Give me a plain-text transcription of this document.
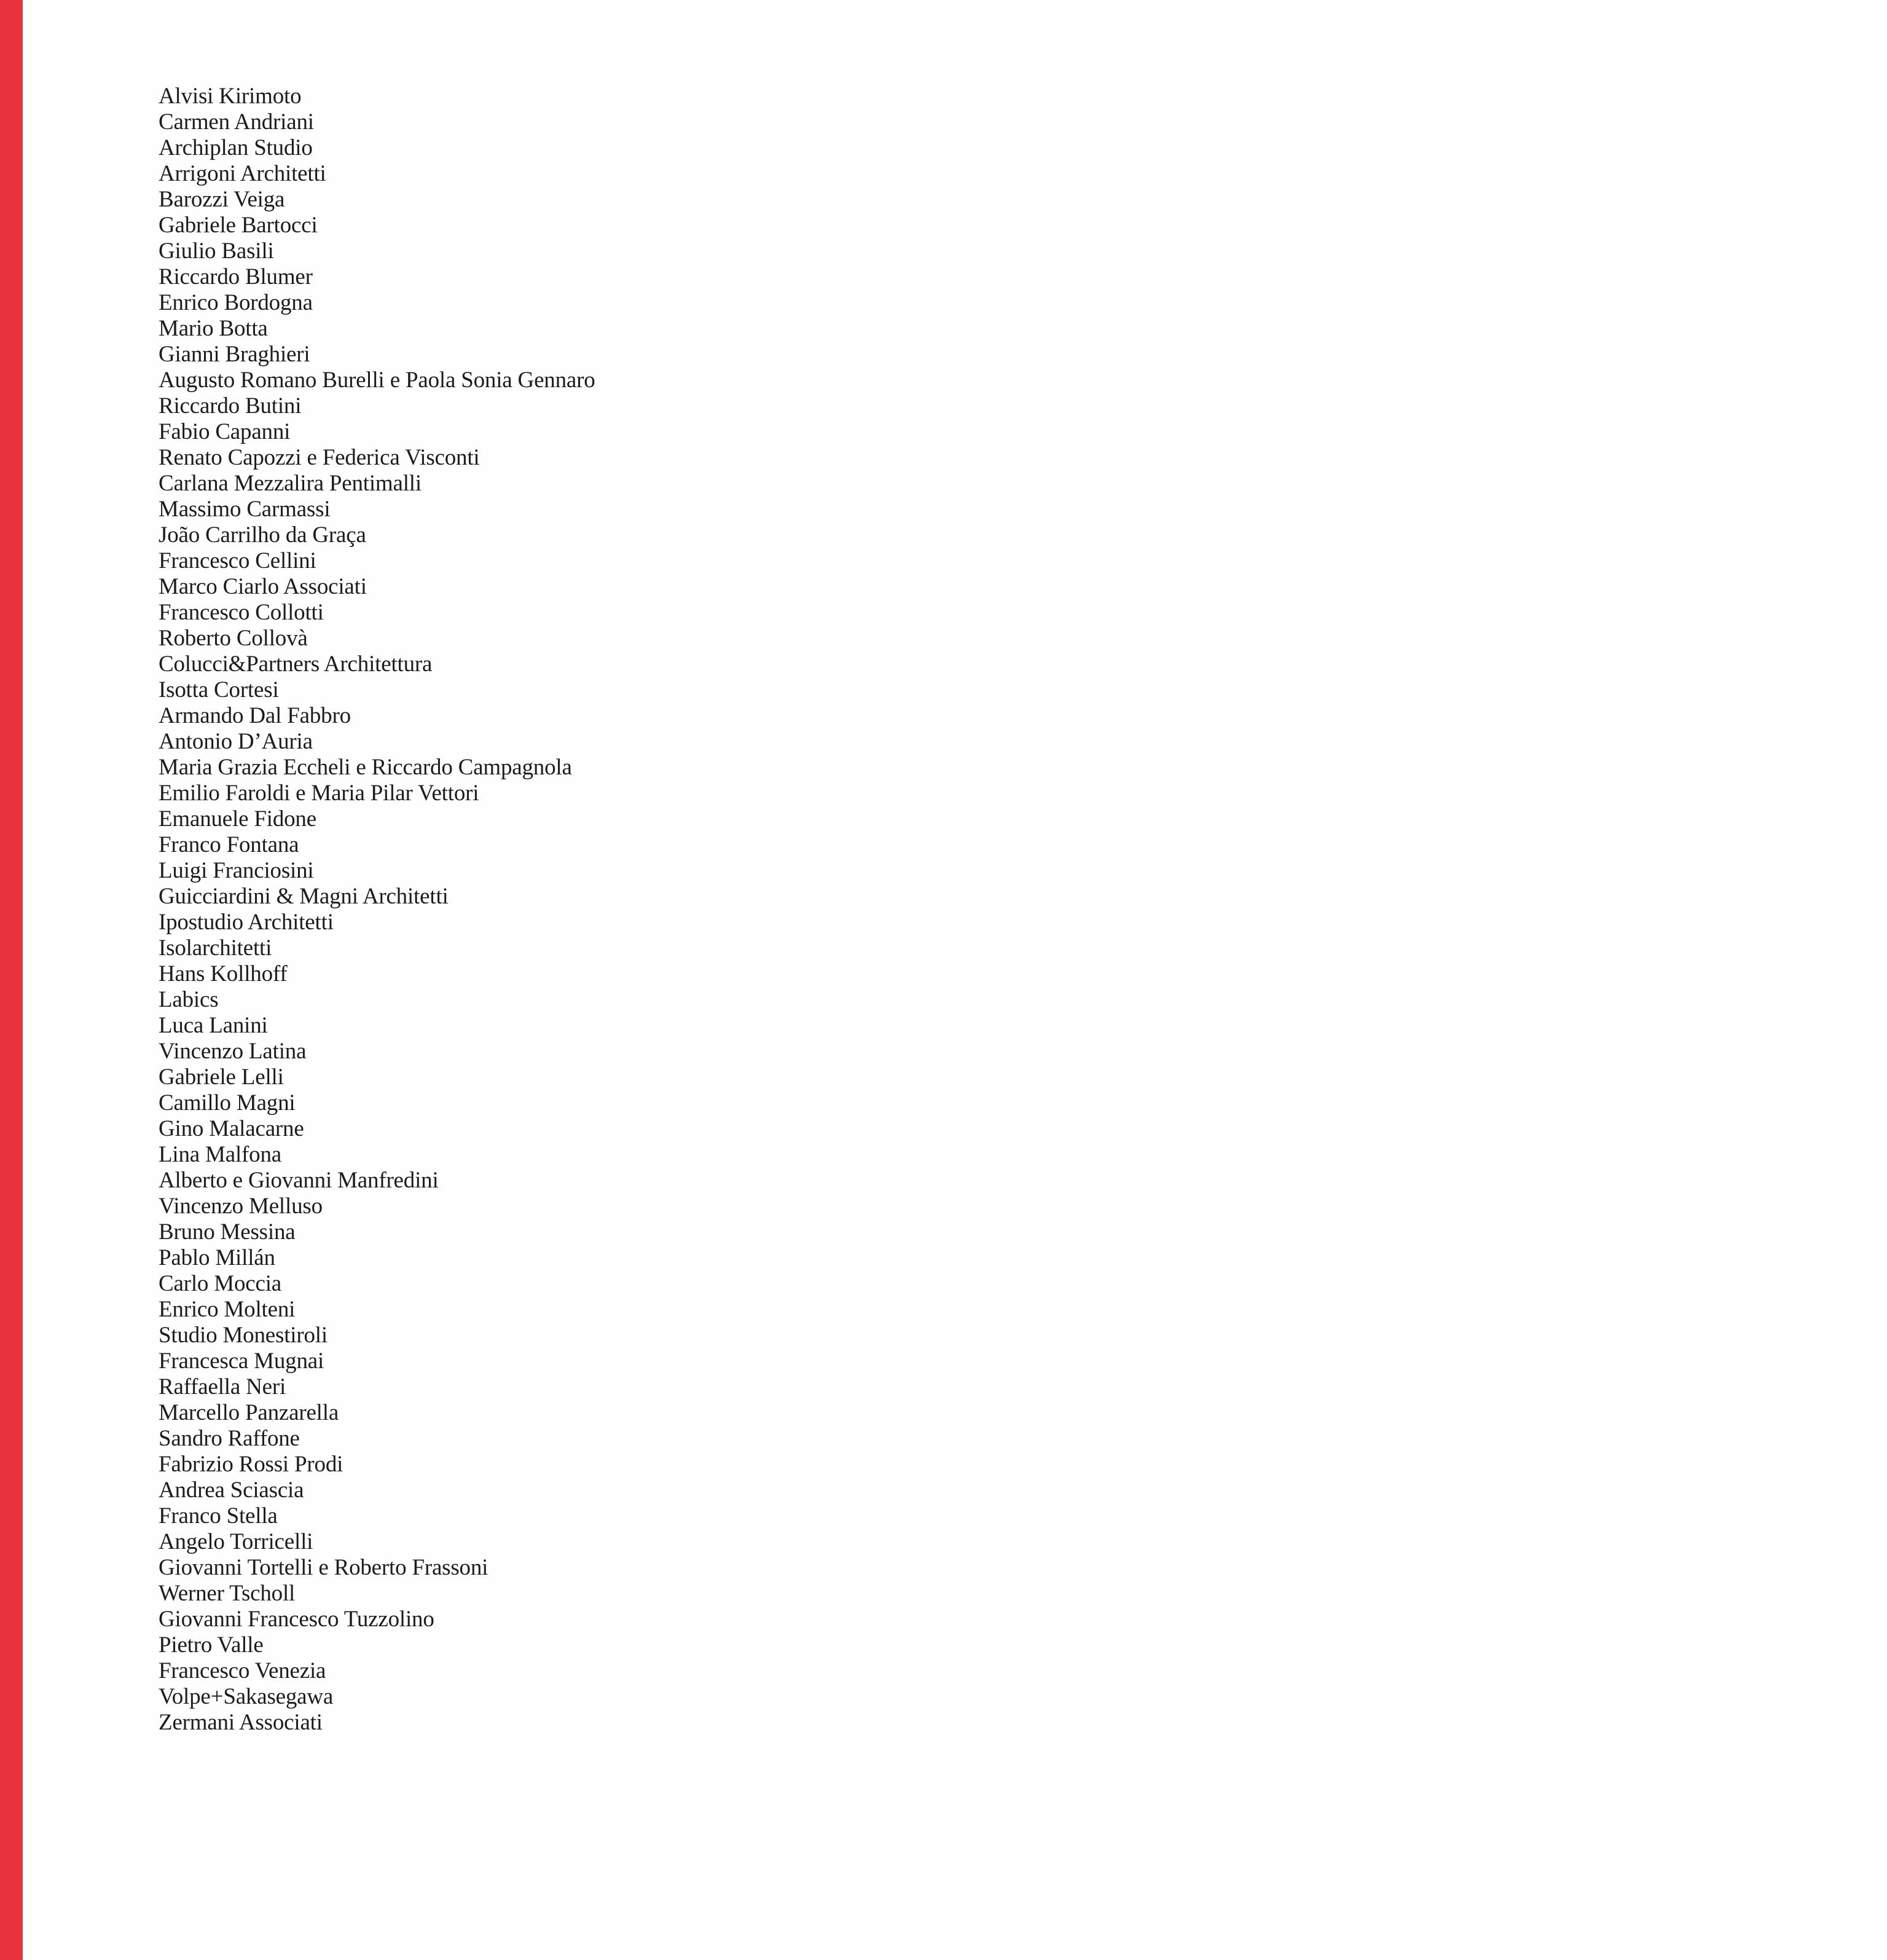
Alvisi Kirimoto
Carmen Andriani
Archiplan Studio
Arrigoni Architetti
Barozzi Veiga
Gabriele Bartocci
Giulio Basili
Riccardo Blumer
Enrico Bordogna
Mario Botta
Gianni Braghieri
Augusto Romano Burelli e Paola Sonia Gennaro
Riccardo Butini
Fabio Capanni
Renato Capozzi e Federica Visconti
Carlana Mezzalira Pentimalli
Massimo Carmassi
João Carrilho da Graça
Francesco Cellini
Marco Ciarlo Associati
Francesco Collotti
Roberto Collovà
Colucci&Partners Architettura
Isotta Cortesi
Armando Dal Fabbro
Antonio D’Auria
Maria Grazia Eccheli e Riccardo Campagnola
Emilio Faroldi e Maria Pilar Vettori
Emanuele Fidone
Franco Fontana
Luigi Franciosini
Guicciardini & Magni Architetti
Ipostudio Architetti
Isolarchitetti
Hans Kollhoff
Labics
Luca Lanini
Vincenzo Latina
Gabriele Lelli
Camillo Magni
Gino Malacarne
Lina Malfona
Alberto e Giovanni Manfredini
Vincenzo Melluso
Bruno Messina
Pablo Millán
Carlo Moccia
Enrico Molteni
Studio Monestiroli
Francesca Mugnai
Raffaella Neri
Marcello Panzarella
Sandro Raffone
Fabrizio Rossi Prodi
Andrea Sciascia
Franco Stella
Angelo Torricelli
Giovanni Tortelli e Roberto Frassoni
Werner Tscholl
Giovanni Francesco Tuzzolino
Pietro Valle
Francesco Venezia
Volpe+Sakasegawa
Zermani Associati
